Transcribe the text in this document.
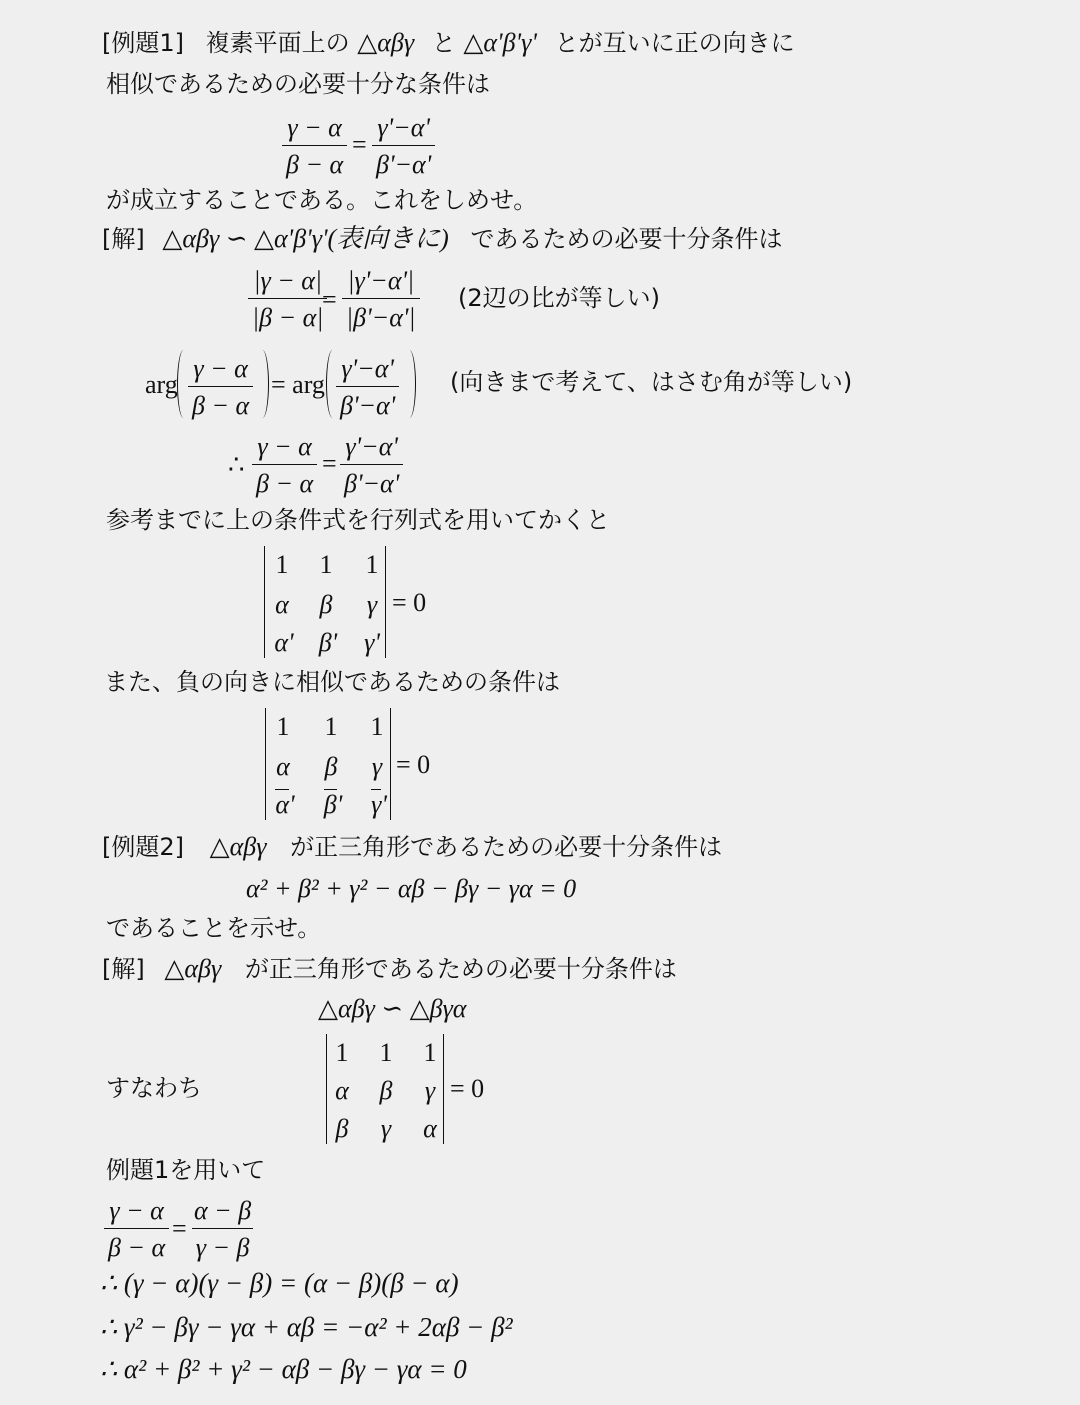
[例題1] 複素平面上の △αβγ と △α'β'γ' とが互いに正の向きに
相似であるための必要十分な条件は
$\frac{\gamma - \alpha}{\beta - \alpha} = \frac{\gamma'-\alpha'}{\beta'-\alpha'}$
が成立することである。これをしめせ。
[解] △αβγ ∽ △α'β'γ'(表向きに) であるための必要十分条件は
$\frac{|\gamma - \alpha|}{|\beta - \alpha|}$
= $\frac{|\gamma'-\alpha'|}{|\beta'-\alpha'|} (2$辺の比が等しい)
arg $\frac{\gamma - \alpha}{\beta - \alpha}$ = arg $\frac{\gamma'-\alpha'}{\beta'-\alpha'}$ (向きまで考えて、はさむ角が等しい)
∴ $\frac{\gamma - \alpha}{\beta - \alpha} = \frac{\gamma'-\alpha'}{\beta'-\alpha'}$
参考までに上の条件式を行列式を用いてかくと
1	1	1
α	β	γ
α' β' γ'
= 0
また、負の向きに相似であるための条件は
1	1	1
α	β	γ
α' β' γ'
= 0
[例題2] △αβγ が正三角形であるための必要十分条件は
α² + β² + γ² − αβ − βγ − γα = 0
であることを示せ。
[解] △αβγ が正三角形であるための必要十分条件は
△αβγ ∽ △βγα
すなわち
1	1	1
α	β	γ
β	γ	α
= 0
例題1を用いて
$\frac{\gamma - \alpha}{\beta - \alpha} = \frac{\alpha - \beta}{\gamma - \beta}$
∴ (γ − α)(γ − β) = (α − β)(β − α)
∴ γ² − βγ − γα + αβ = −α² + 2αβ − β²
∴ α² + β² + γ² − αβ − βγ − γα = 0
